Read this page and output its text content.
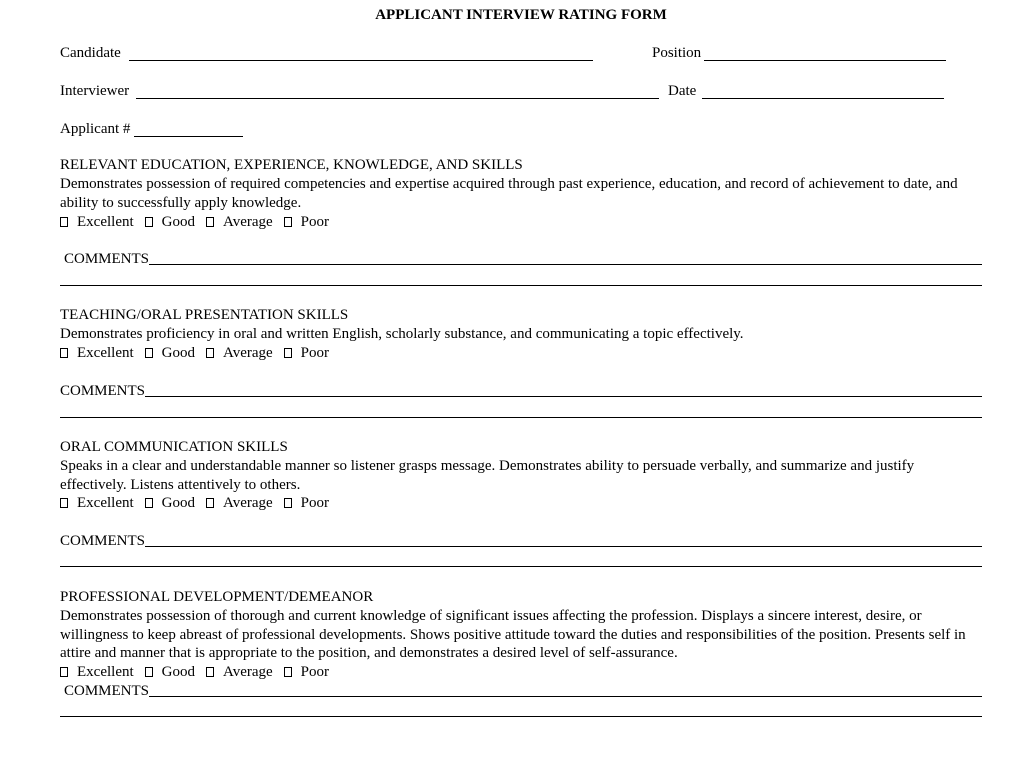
APPLICANT INTERVIEW RATING FORM
Candidate	Position
Interviewer	Date
Applicant #
RELEVANT EDUCATION, EXPERIENCE, KNOWLEDGE, AND SKILLS
Demonstrates possession of required competencies and expertise acquired through past experience, education, and record of achievement to date, and ability to successfully apply knowledge.
Excellent Good Average Poor
COMMENTS
TEACHING/ORAL PRESENTATION SKILLS
Demonstrates proficiency in oral and written English, scholarly substance, and communicating a topic effectively.
Excellent Good Average Poor
COMMENTS
ORAL COMMUNICATION SKILLS
Speaks in a clear and understandable manner so listener grasps message. Demonstrates ability to persuade verbally, and summarize and justify effectively. Listens attentively to others.
Excellent Good Average Poor
COMMENTS
PROFESSIONAL DEVELOPMENT/DEMEANOR
Demonstrates possession of thorough and current knowledge of significant issues affecting the profession. Displays a sincere interest, desire, or willingness to keep abreast of professional developments. Shows positive attitude toward the duties and responsibilities of the position. Presents self in attire and manner that is appropriate to the position, and demonstrates a desired level of self-assurance.
Excellent Good Average Poor
COMMENTS
